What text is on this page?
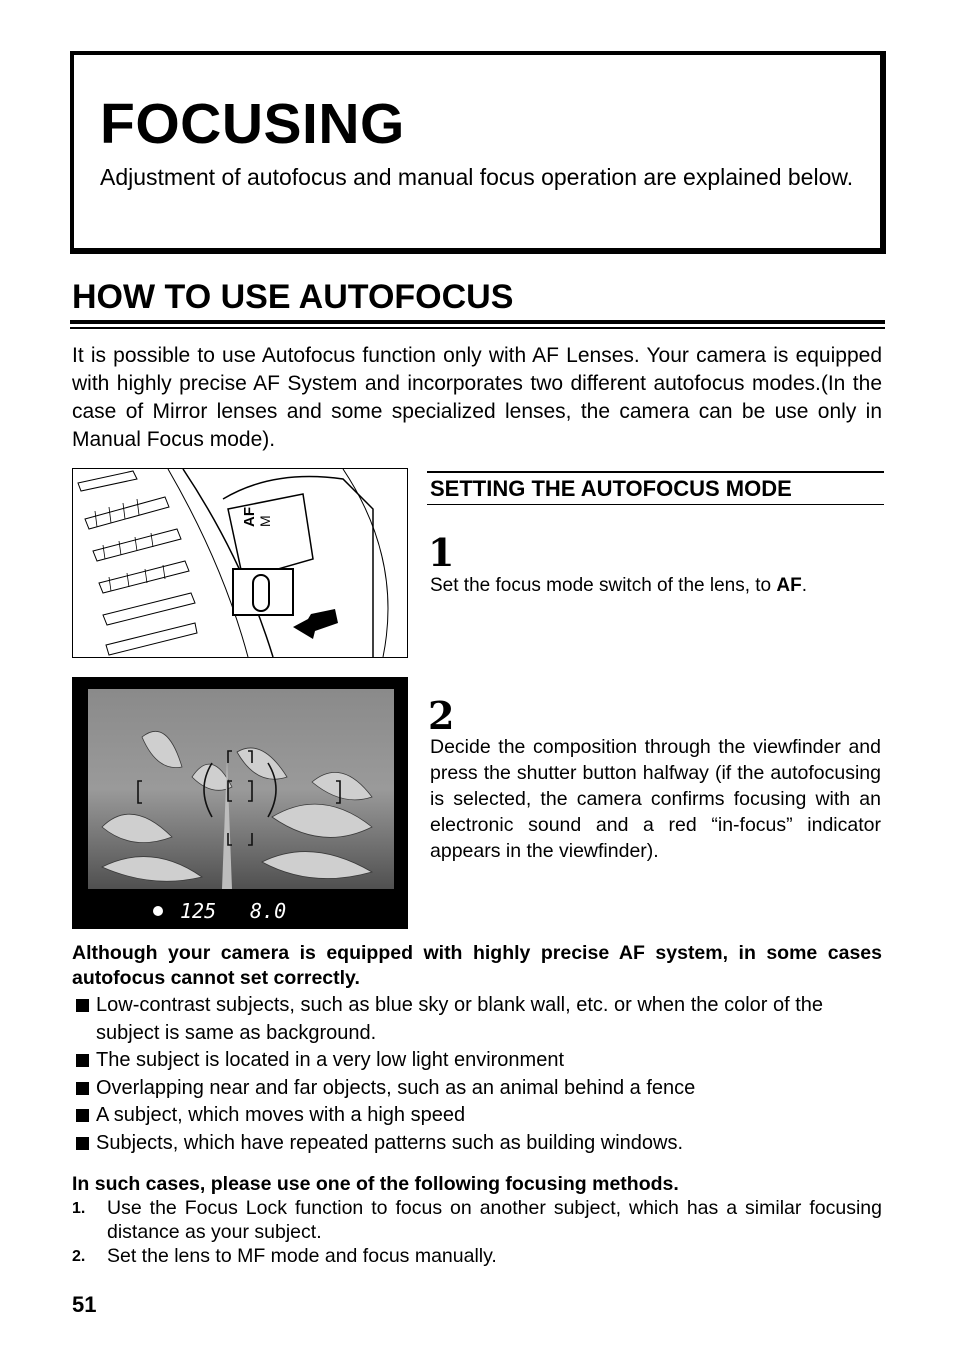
FOCUSING
Adjustment of autofocus and manual focus operation are explained below.
HOW TO USE AUTOFOCUS
It is possible to use Autofocus function only with AF Lenses. Your camera is equipped with highly precise AF System and incorporates two different autofocus modes.(In the case of Mirror lenses and some specialized lenses, the camera can be use only in Manual Focus mode).
AF M
125 8.0
SETTING THE AUTOFOCUS MODE
1
Set the focus mode switch of the lens, to AF.
2
Decide the composition through the viewfinder and press the shutter button halfway (if the autofocusing is selected, the camera confirms focusing with an electronic sound and a red “in-focus” indicator appears in the viewfinder).
Although your camera is equipped with highly precise AF system, in some cases autofocus cannot set correctly.
Low-contrast subjects, such as blue sky or blank wall, etc. or when the color of the subject is same as background.
The subject is located in a very low light environment
Overlapping near and far objects, such as an animal behind a fence
A subject, which moves with a high speed
Subjects, which have repeated patterns such as building windows.
In such cases, please use one of the following focusing methods.
1. Use the Focus Lock function to focus on another subject, which has a similar focusing distance as your subject.
2. Set the lens to MF mode and focus manually.
51
